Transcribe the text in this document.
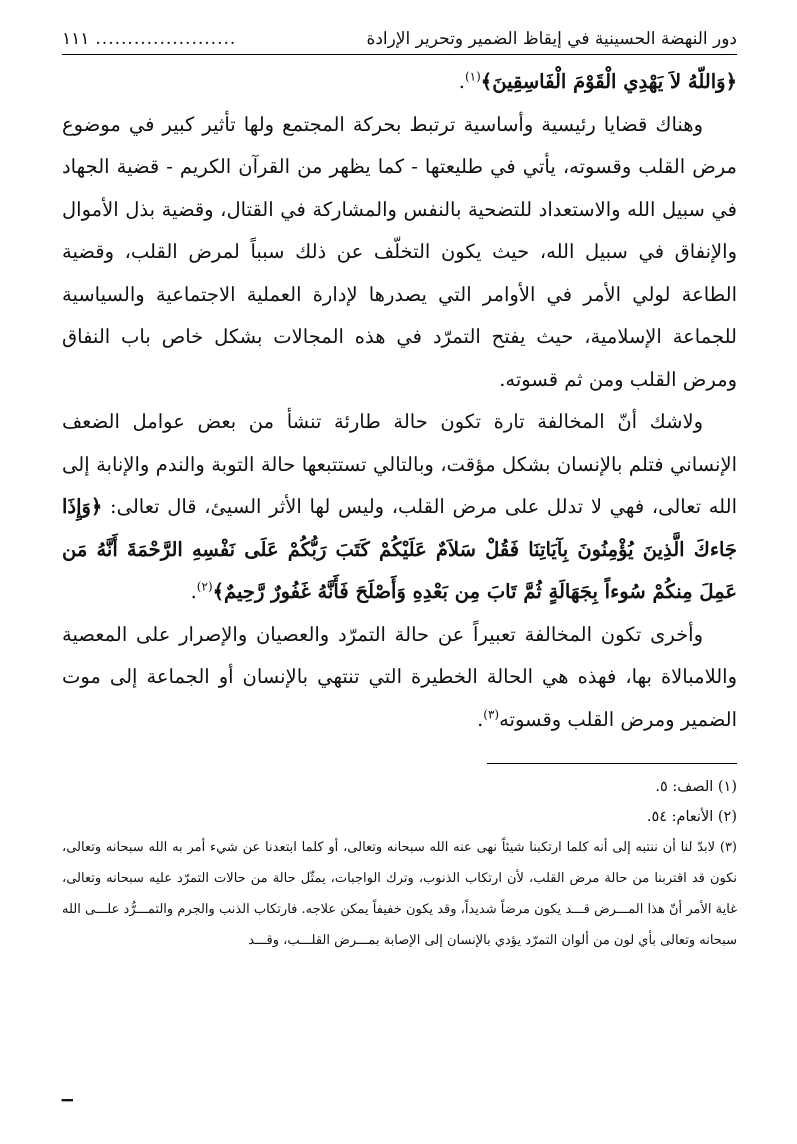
دور النهضة الحسينية في إيقاظ الضمير وتحرير الإرادة
......................
١١١

﴿وَاللّهُ لاَ يَهْدِي الْقَوْمَ الْفَاسِقِينَ﴾$^{(١)}$.

وهناك قضايا رئيسية وأساسية ترتبط بحركة المجتمع ولها تأثير كبير في موضوع مرض القلب وقسوته، يأتي في طليعتها - كما يظهر من القرآن الكريم - قضية الجهاد في سبيل الله والاستعداد للتضحية بالنفس والمشاركة في القتال، وقضية بذل الأموال والإنفاق في سبيل الله، حيث يكون التخلّف عن ذلك سبباً لمرض القلب، وقضية الطاعة لولي الأمر في الأوامر التي يصدرها لإدارة العملية الاجتماعية والسياسية للجماعة الإسلامية، حيث يفتح التمرّد في هذه المجالات بشكل خاص باب النفاق ومرض القلب ومن ثم قسوته.

ولاشك أنّ المخالفة تارة تكون حالة طارئة تنشأ من بعض عوامل الضعف الإنساني فتلم بالإنسان بشكل مؤقت، وبالتالي تستتبعها حالة التوبة والندم والإنابة إلى الله تعالى، فهي لا تدلل على مرض القلب، وليس لها الأثر السيئ، قال تعالى: ﴿وَإِذَا جَاءكَ الَّذِينَ يُؤْمِنُونَ بِآيَاتِنَا فَقُلْ سَلاَمٌ عَلَيْكُمْ كَتَبَ رَبُّكُمْ عَلَى نَفْسِهِ الرَّحْمَةَ أَنَّهُ مَن عَمِلَ مِنكُمْ سُوءاً بِجَهَالَةٍ ثُمَّ تَابَ مِن بَعْدِهِ وَأَصْلَحَ فَأَنَّهُ غَفُورٌ رَّحِيمٌ﴾$^{(٢)}$.

وأخرى تكون المخالفة تعبيراً عن حالة التمرّد والعصيان والإصرار على المعصية واللامبالاة بها، فهذه هي الحالة الخطيرة التي تنتهي بالإنسان أو الجماعة إلى موت الضمير ومرض القلب وقسوته$^{(٣)}$.

(١) الصف: ٥.

(٢) الأنعام: ٥٤.

(٣) لابدّ لنا أن ننتبه إلى أنه كلما ارتكبنا شيئاً نهى عنه الله سبحانه وتعالى، أو كلما ابتعدنا عن شيء أمر به الله سبحانه وتعالى، نكون قد اقتربنا من حالة مرض القلب، لأن ارتكاب الذنوب، وترك الواجبات، يمثّل حالة من حالات التمرّد عليه سبحانه وتعالى، غاية الأمر أنّ هذا المـــرض قـــد يكون مرضاً شديداً، وقد يكون خفيفاً يمكن علاجه. فارتكاب الذنب والجرم والتمـــرُّد علـــى الله سبحانه وتعالى بأي لون من ألوان التمرّد يؤدي بالإنسان إلى الإصابة بمـــرض القلـــب، وقـــد

ــ
